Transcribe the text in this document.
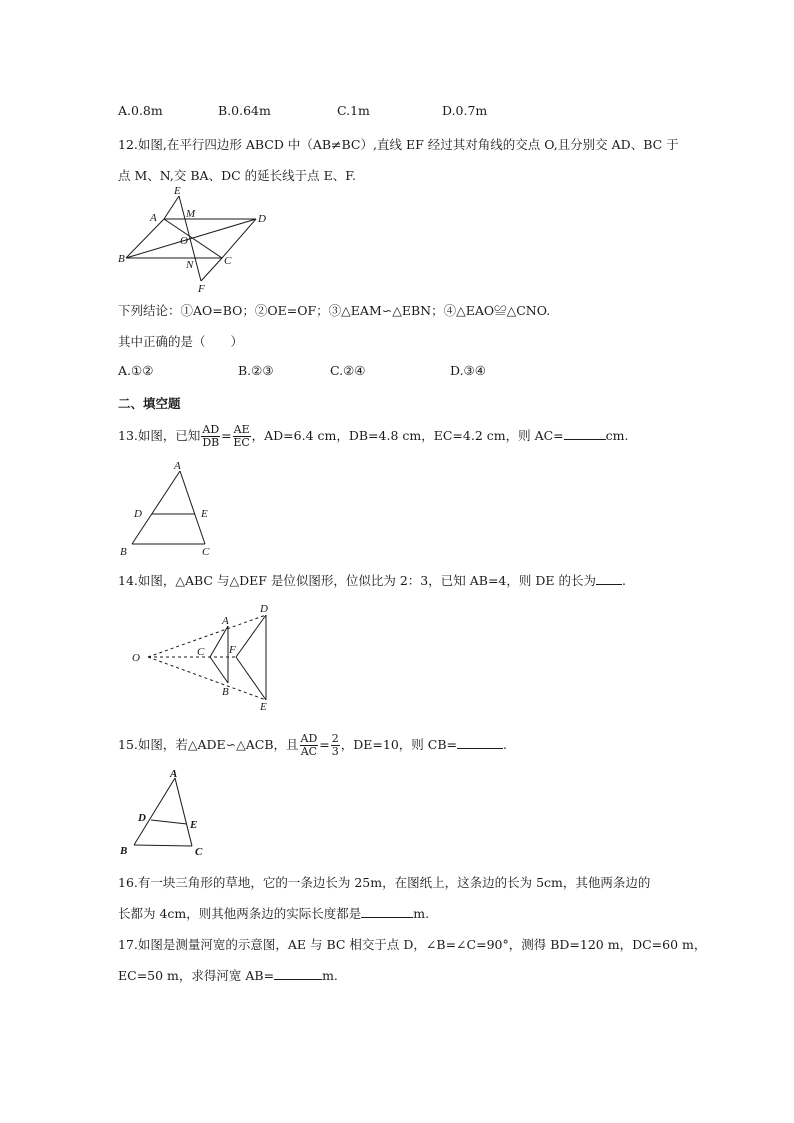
A.0.8m	B.0.64m	C.1m	D.0.7m
12.如图,在平行四边形 ABCD 中（AB≠BC）,直线 EF 经过其对角线的交点 O,且分别交 AD、BC 于
点 M、N,交 BA、DC 的延长线于点 E、F.
E
A	M	D
O
B	N	C
F
下列结论：①AO=BO；②OE=OF；③△EAM∽△EBN；④△EAO≌△CNO.
其中正确的是（　　）
A.①②	B.②③	C.②④	D.③④
二、填空题
13.如图，已知 $\frac{AD}{DB} = \frac{AE}{EC}$ ，AD=6.4 cm，DB=4.8 cm，EC=4.2 cm，则 AC=	cm.
A
D	E
B	C
14.如图，△ABC 与△DEF 是位似图形，位似比为 2：3，已知 AB=4，则 DE 的长为 .
D
A
O	C F
B
E
15.如图，若△ADE∽△ACB，且 $\frac{AD}{AC} = \frac{2}{3}$ ，DE=10，则 CB=	.
A
D
E
B	C
16.有一块三角形的草地，它的一条边长为 25m，在图纸上，这条边的长为 5cm，其他两条边的
长都为 4cm，则其他两条边的实际长度都是	m.
17.如图是测量河宽的示意图，AE 与 BC 相交于点 D，∠B=∠C=90°，测得 BD=120 m，DC=60 m，
EC=50 m，求得河宽 AB=	m.
